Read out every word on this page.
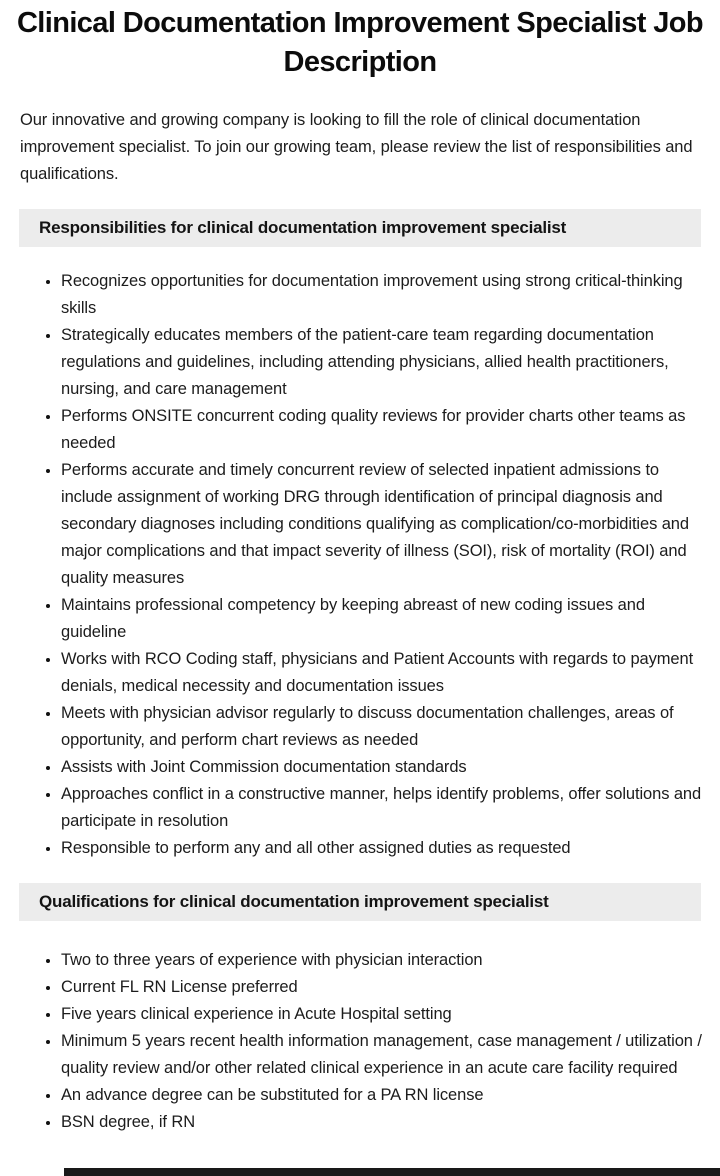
Clinical Documentation Improvement Specialist Job Description

Our innovative and growing company is looking to fill the role of clinical documentation improvement specialist. To join our growing team, please review the list of responsibilities and qualifications.

Responsibilities for clinical documentation improvement specialist
• Recognizes opportunities for documentation improvement using strong critical-thinking skills
• Strategically educates members of the patient-care team regarding documentation regulations and guidelines, including attending physicians, allied health practitioners, nursing, and care management
• Performs ONSITE concurrent coding quality reviews for provider charts other teams as needed
• Performs accurate and timely concurrent review of selected inpatient admissions to include assignment of working DRG through identification of principal diagnosis and secondary diagnoses including conditions qualifying as complication/co-morbidities and major complications and that impact severity of illness (SOI), risk of mortality (ROI) and quality measures
• Maintains professional competency by keeping abreast of new coding issues and guideline
• Works with RCO Coding staff, physicians and Patient Accounts with regards to payment denials, medical necessity and documentation issues
• Meets with physician advisor regularly to discuss documentation challenges, areas of opportunity, and perform chart reviews as needed
• Assists with Joint Commission documentation standards
• Approaches conflict in a constructive manner, helps identify problems, offer solutions and participate in resolution
• Responsible to perform any and all other assigned duties as requested
Qualifications for clinical documentation improvement specialist
• Two to three years of experience with physician interaction
• Current FL RN License preferred
• Five years clinical experience in Acute Hospital setting
• Minimum 5 years recent health information management, case management / utilization / quality review and/or other related clinical experience in an acute care facility required
• An advance degree can be substituted for a PA RN license
• BSN degree, if RN
